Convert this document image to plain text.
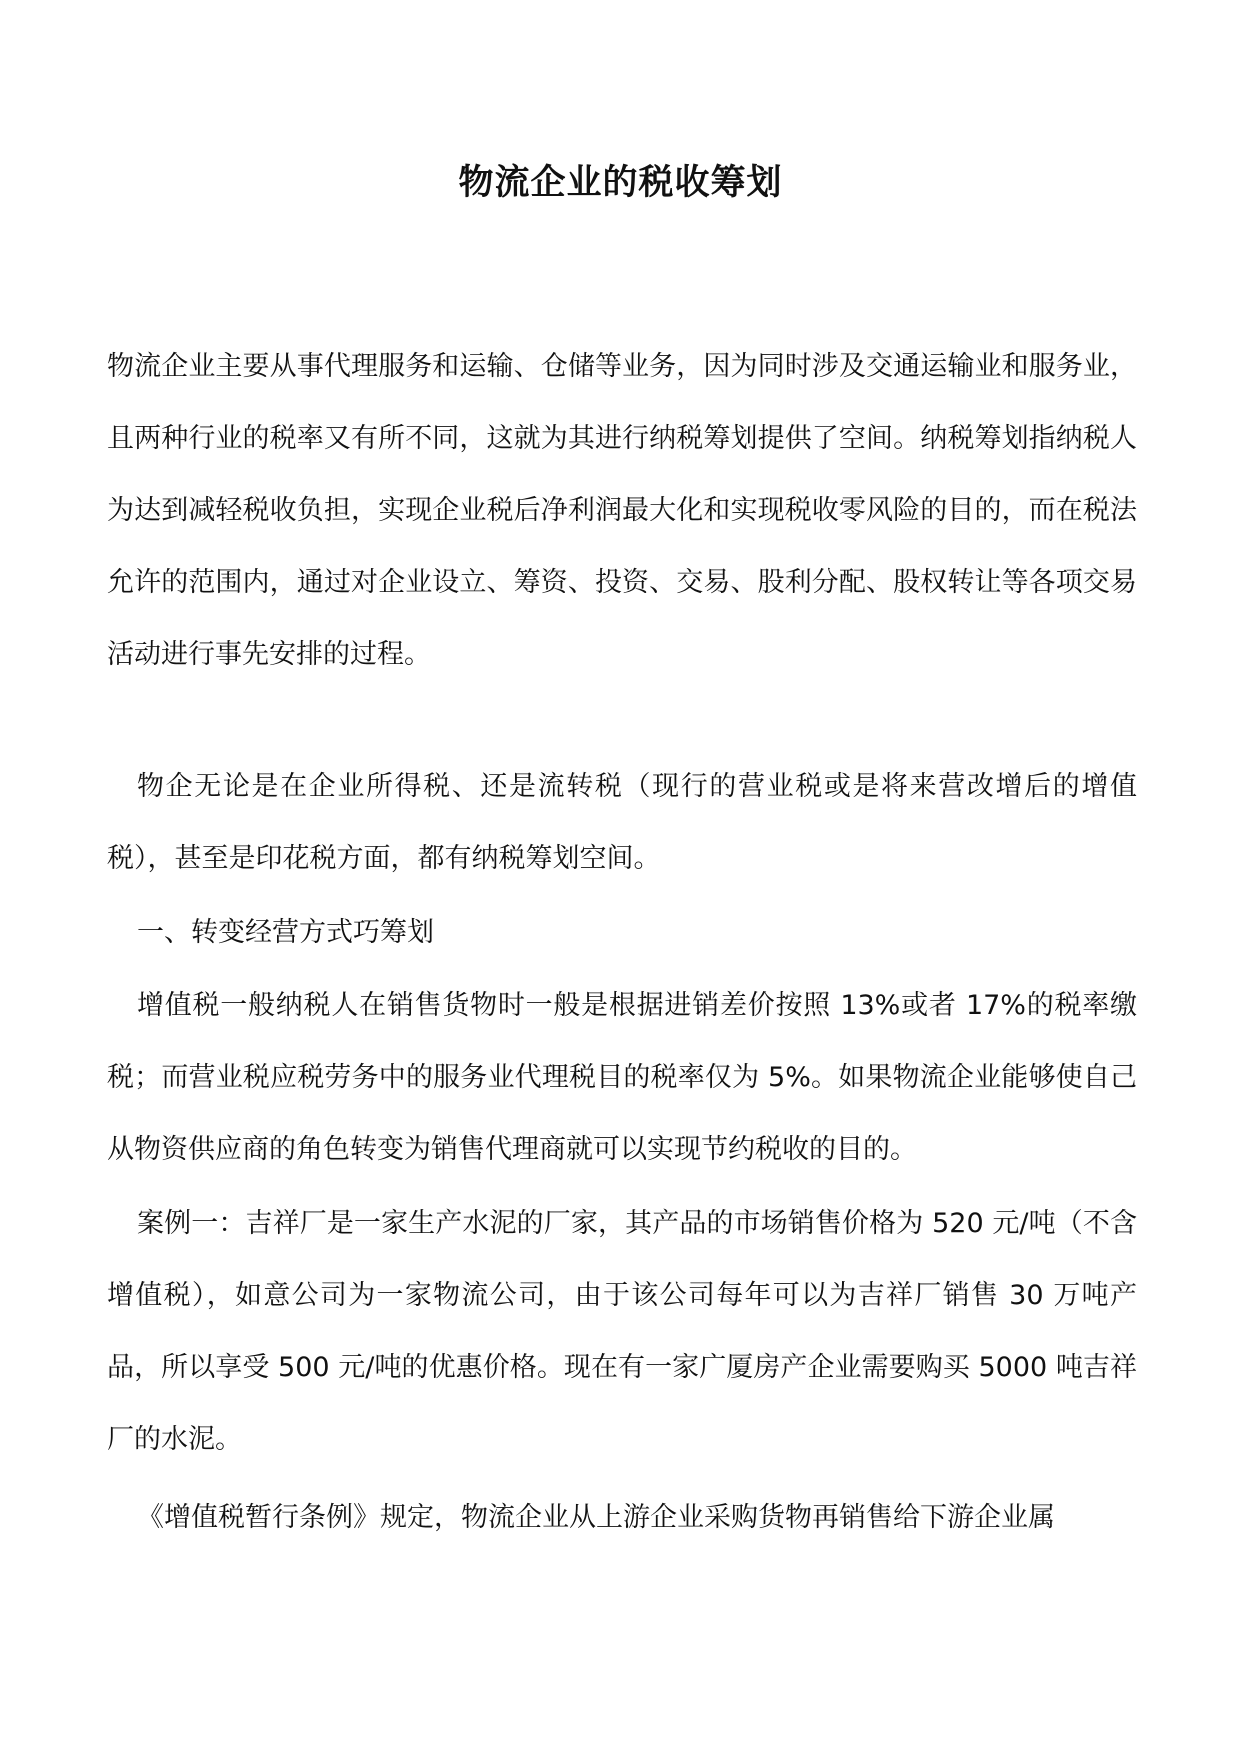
物流企业的税收筹划

物流企业主要从事代理服务和运输、仓储等业务，因为同时涉及交通运输业和服务业，且两种行业的税率又有所不同，这就为其进行纳税筹划提供了空间。纳税筹划指纳税人为达到减轻税收负担，实现企业税后净利润最大化和实现税收零风险的目的，而在税法允许的范围内，通过对企业设立、筹资、投资、交易、股利分配、股权转让等各项交易活动进行事先安排的过程。

物企无论是在企业所得税、还是流转税（现行的营业税或是将来营改增后的增值税），甚至是印花税方面，都有纳税筹划空间。

一、转变经营方式巧筹划

增值税一般纳税人在销售货物时一般是根据进销差价按照 13%或者 17%的税率缴税；而营业税应税劳务中的服务业代理税目的税率仅为 5%。如果物流企业能够使自己从物资供应商的角色转变为销售代理商就可以实现节约税收的目的。

案例一：吉祥厂是一家生产水泥的厂家，其产品的市场销售价格为 520 元/吨（不含增值税），如意公司为一家物流公司，由于该公司每年可以为吉祥厂销售 30 万吨产品，所以享受 500 元/吨的优惠价格。现在有一家广厦房产企业需要购买 5000 吨吉祥厂的水泥。

《增值税暂行条例》规定，物流企业从上游企业采购货物再销售给下游企业属
